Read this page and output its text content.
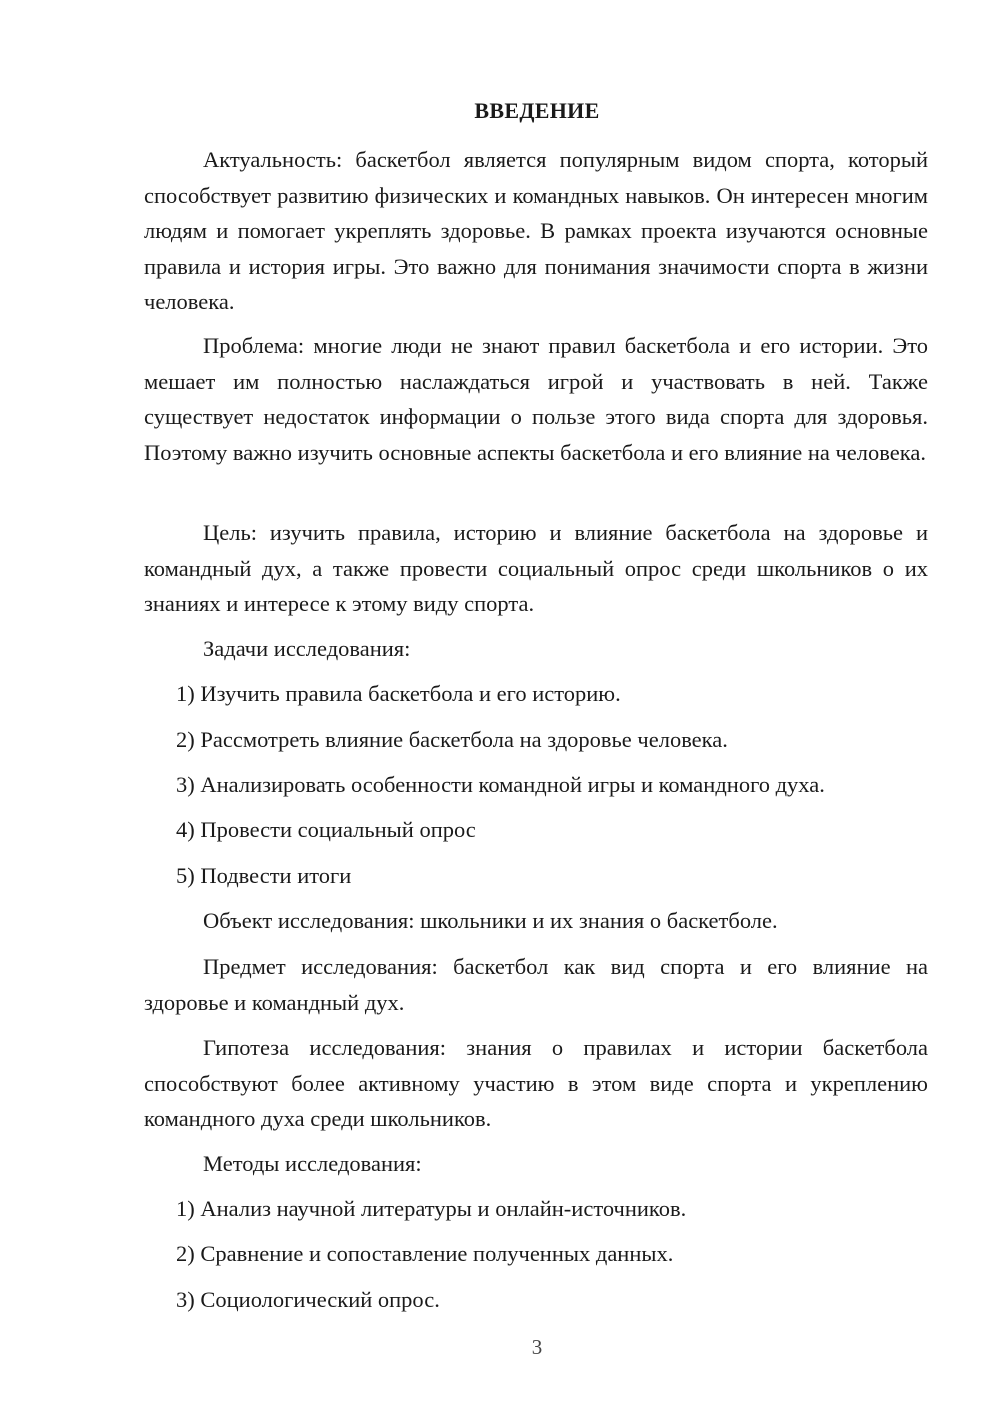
ВВЕДЕНИЕ

Актуальность: баскетбол является популярным видом спорта, который способствует развитию физических и командных навыков. Он интересен многим людям и помогает укреплять здоровье. В рамках проекта изучаются основные правила и история игры. Это важно для понимания значимости спорта в жизни человека.

Проблема: многие люди не знают правил баскетбола и его истории. Это мешает им полностью наслаждаться игрой и участвовать в ней. Также существует недостаток информации о пользе этого вида спорта для здоровья. Поэтому важно изучить основные аспекты баскетбола и его влияние на человека.

Цель: изучить правила, историю и влияние баскетбола на здоровье и командный дух, а также провести социальный опрос среди школьников о их знаниях и интересе к этому виду спорта.

Задачи исследования:

1) Изучить правила баскетбола и его историю.

2) Рассмотреть влияние баскетбола на здоровье человека.

3) Анализировать особенности командной игры и командного духа.

4) Провести социальный опрос

5) Подвести итоги

Объект исследования: школьники и их знания о баскетболе.

Предмет исследования: баскетбол как вид спорта и его влияние на здоровье и командный дух.

Гипотеза исследования: знания о правилах и истории баскетбола способствуют более активному участию в этом виде спорта и укреплению командного духа среди школьников.

Методы исследования:

1) Анализ научной литературы и онлайн-источников.

2) Сравнение и сопоставление полученных данных.

3) Социологический опрос.

3
